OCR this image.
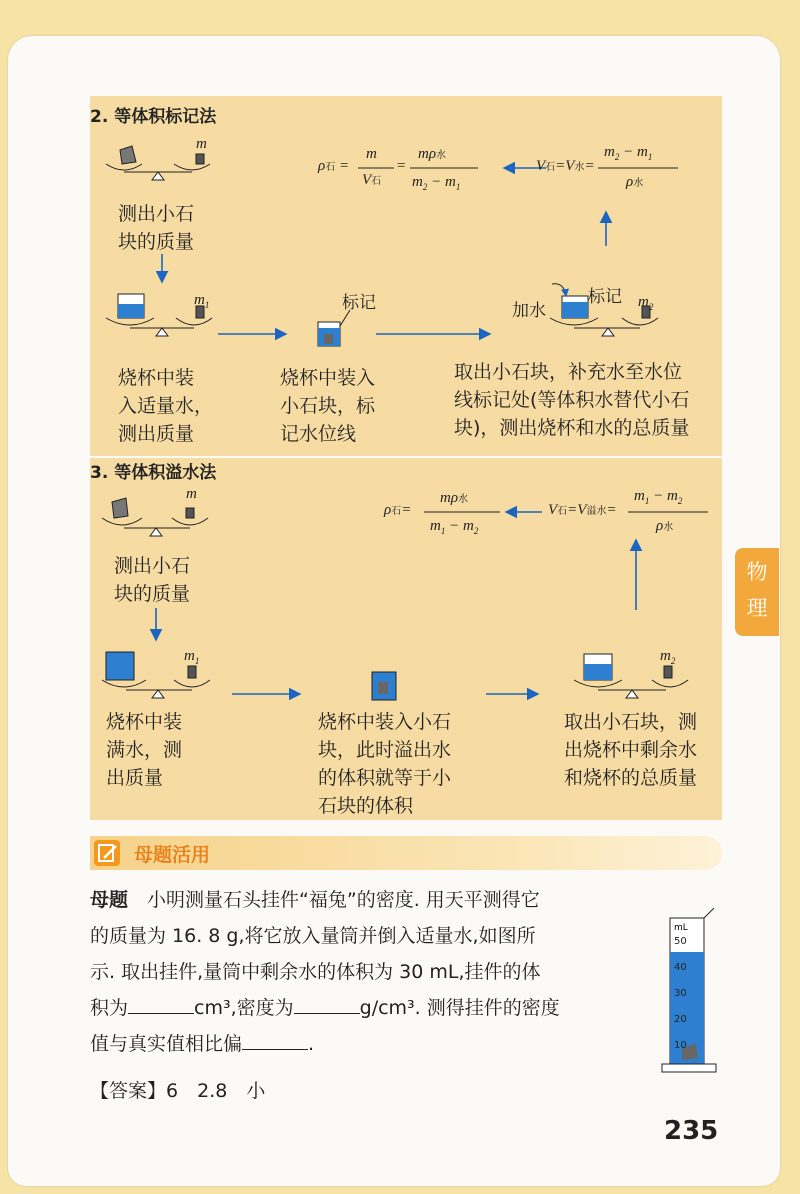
2. 等体积标记法
ρ石 =
m
V石
=
mρ水
$m_2 - m_1$
V石=V水=
$m_2 - m_1$
ρ水
m
$m_1$	$m_2$
标记	加水
标记
测出小石
块的质量
烧杯中装
入适量水，
测出质量
烧杯中装入
小石块，标
记水位线
取出小石块，补充水至水位
线标记处(等体积水替代小石
块)，测出烧杯和水的总质量
3. 等体积溢水法
ρ石=
mρ水
$m_1 - m_2$
V石=V溢水=
$m_1 - m_2$
ρ水
m
$m_1$	$m_2$
测出小石
块的质量
烧杯中装
满水，测
出质量
烧杯中装入小石
块，此时溢出水
的体积就等于小
石块的体积
取出小石块，测
出烧杯中剩余水
和烧杯的总质量
物
理
母题活用
母题　 小明测量石头挂件“福兔”的密度. 用天平测得它
的质量为 16. 8 g,将它放入量筒并倒入适量水,如图所
示. 取出挂件,量筒中剩余水的体积为 30 mL,挂件的体
积为	cm³,密度为	g/cm³. 测得挂件的密度
值与真实值相比偏	.
mL
50
40
30
20
10
【答案】6　2.8　小
235
